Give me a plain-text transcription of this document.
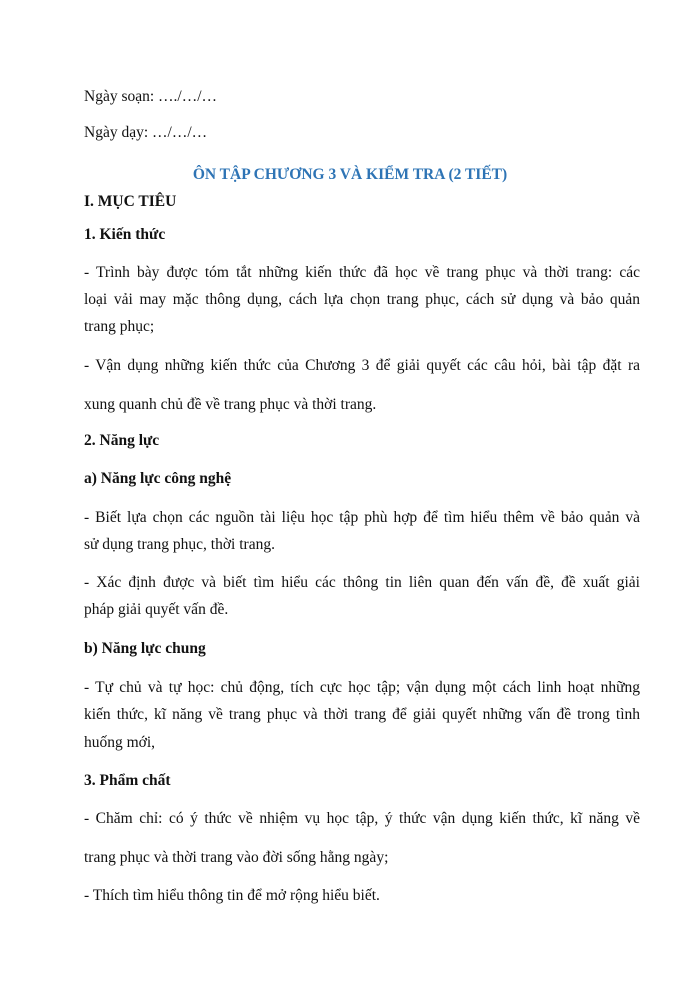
Ngày soạn: …./…/…
Ngày dạy: …/…/…
ÔN TẬP CHƯƠNG 3 VÀ KIỂM TRA (2 TIẾT)
I. MỤC TIÊU
1. Kiến thức
- Trình bày được tóm tắt những kiến thức đã học về trang phục và thời trang: các
loại vải may mặc thông dụng, cách lựa chọn trang phục, cách sử dụng và bảo quản
trang phục;
- Vận dụng những kiến thức của Chương 3 để giải quyết các câu hỏi, bài tập đặt ra
xung quanh chủ đề về trang phục và thời trang.
2. Năng lực
a) Năng lực công nghệ
- Biết lựa chọn các nguồn tài liệu học tập phù hợp để tìm hiểu thêm về bảo quản và
sử dụng trang phục, thời trang.
- Xác định được và biết tìm hiểu các thông tin liên quan đến vấn đề, đề xuất giải
pháp giải quyết vấn đề.
b) Năng lực chung
- Tự chủ và tự học: chủ động, tích cực học tập; vận dụng một cách linh hoạt những
kiến thức, kĩ năng về trang phục và thời trang để giải quyết những vấn đề trong tình
huống mới,
3. Phẩm chất
- Chăm chỉ: có ý thức về nhiệm vụ học tập, ý thức vận dụng kiến thức, kĩ năng về
trang phục và thời trang vào đời sống hằng ngày;
- Thích tìm hiểu thông tin để mở rộng hiểu biết.
